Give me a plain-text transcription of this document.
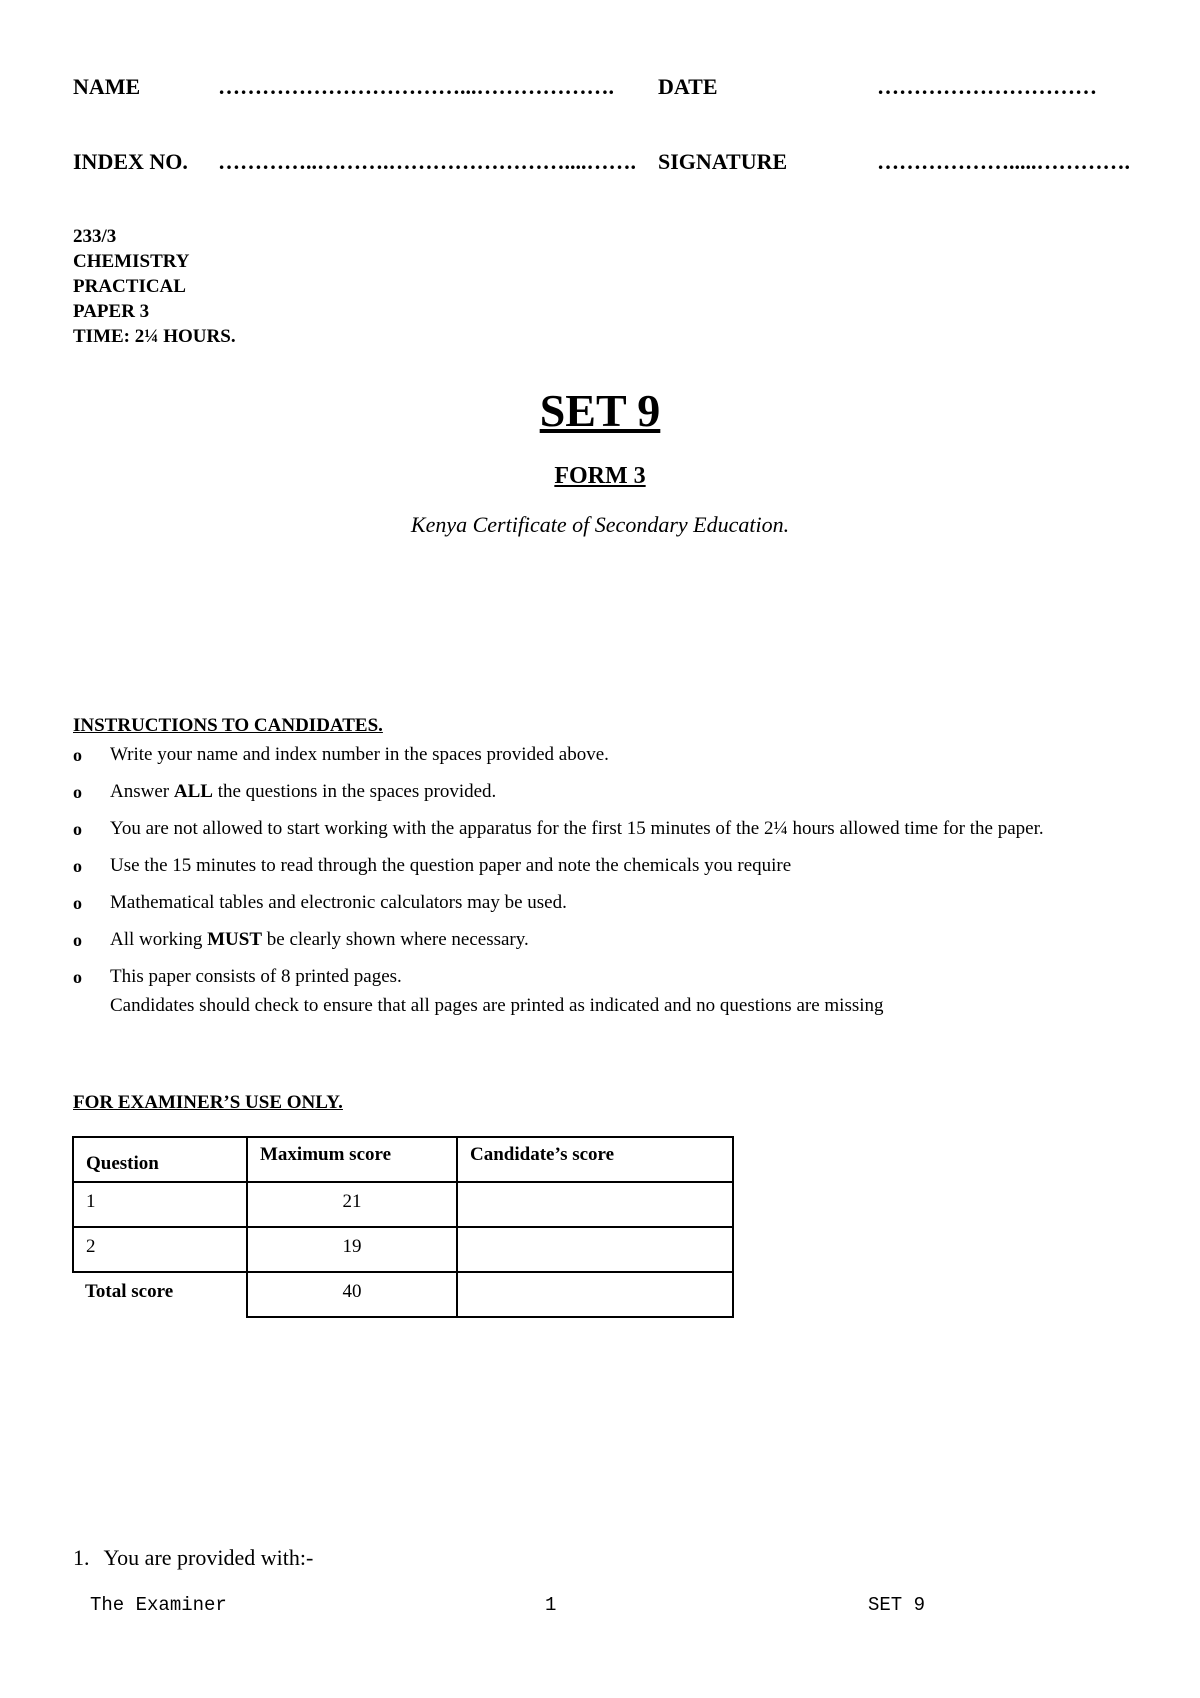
NAME	……………………………...………………. DATE	…………………………
INDEX NO. …………..……….……………………....……. SIGNATURE	……………….....………….
233/3
CHEMISTRY
PRACTICAL
PAPER 3
TIME: 2¼ HOURS.
SET 9
FORM 3
Kenya Certificate of Secondary Education.
INSTRUCTIONS TO CANDIDATES.
o Write your name and index number in the spaces provided above.
o Answer ALL the questions in the spaces provided.
o You are not allowed to start working with the apparatus for the first 15 minutes of the 2¼ hours allowed time for the paper.
o Use the 15 minutes to read through the question paper and note the chemicals you require
o Mathematical tables and electronic calculators may be used.
o All working MUST be clearly shown where necessary.
o This paper consists of 8 printed pages.
Candidates should check to ensure that all pages are printed as indicated and no questions are missing
FOR EXAMINER’S USE ONLY.
Question	Maximum score	Candidate’s score
1	21	
2	19	
Total score	40	
1. You are provided with:-
The Examiner	1	SET 9
